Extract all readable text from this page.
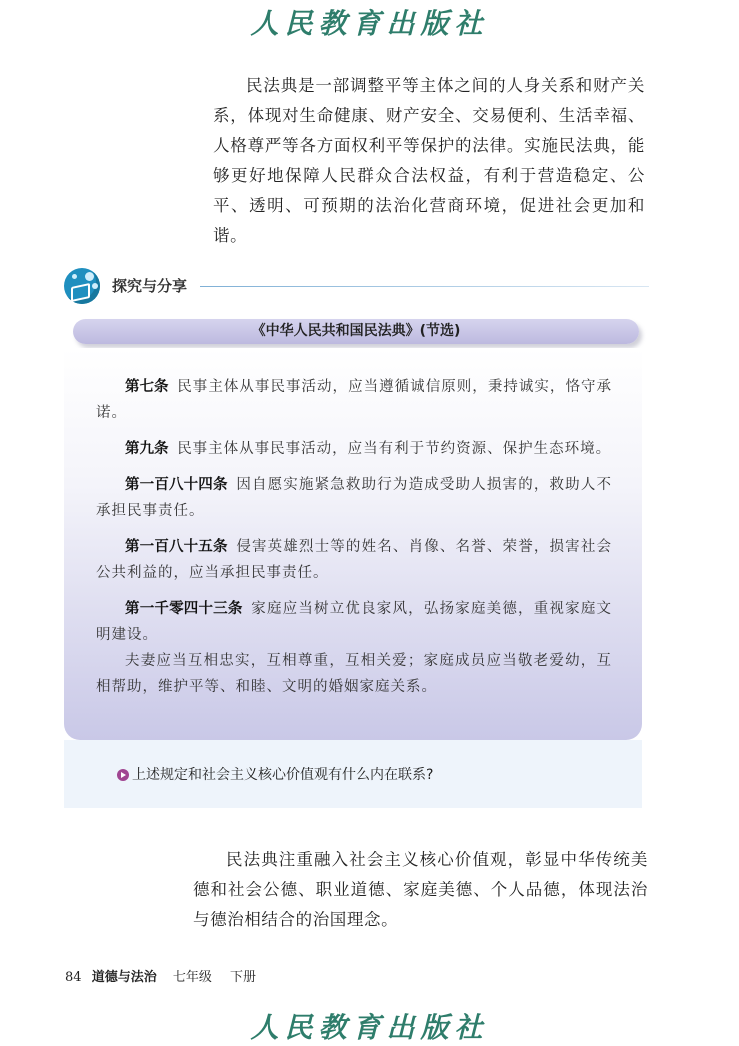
人民教育出版社

民法典是一部调整平等主体之间的人身关系和财产关系，体现对生命健康、财产安全、交易便利、生活幸福、人格尊严等各方面权利平等保护的法律。实施民法典，能够更好地保障人民群众合法权益，有利于营造稳定、公平、透明、可预期的法治化营商环境，促进社会更加和谐。

探究与分享
《中华人民共和国民法典》(节选)

第七条 民事主体从事民事活动，应当遵循诚信原则，秉持诚实，恪守承诺。

第九条 民事主体从事民事活动，应当有利于节约资源、保护生态环境。

第一百八十四条 因自愿实施紧急救助行为造成受助人损害的，救助人不承担民事责任。

第一百八十五条 侵害英雄烈士等的姓名、肖像、名誉、荣誉，损害社会公共利益的，应当承担民事责任。

第一千零四十三条 家庭应当树立优良家风，弘扬家庭美德，重视家庭文明建设。

夫妻应当互相忠实，互相尊重，互相关爱；家庭成员应当敬老爱幼，互相帮助，维护平等、和睦、文明的婚姻家庭关系。

上述规定和社会主义核心价值观有什么内在联系?

民法典注重融入社会主义核心价值观，彰显中华传统美德和社会公德、职业道德、家庭美德、个人品德，体现法治与德治相结合的治国理念。

84 道德与法治 七年级 下册
人民教育出版社
